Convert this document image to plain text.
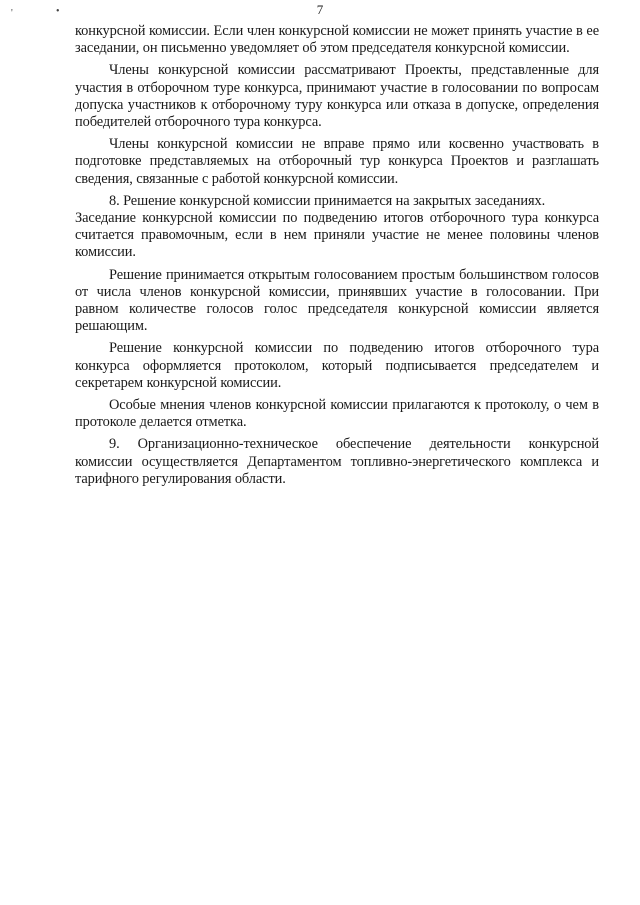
'	•	7

конкурсной комиссии. Если член конкурсной комиссии не может принять участие в ее заседании, он письменно уведомляет об этом председателя конкурсной комиссии.

Члены конкурсной комиссии рассматривают Проекты, представленные для участия в отборочном туре конкурса, принимают участие в голосовании по вопросам допуска участников к отборочному туру конкурса или отказа в допуске, определения победителей отборочного тура конкурса.

Члены конкурсной комиссии не вправе прямо или косвенно участвовать в подготовке представляемых на отборочный тур конкурса Проектов и разглашать сведения, связанные с работой конкурсной комиссии.

8. Решение конкурсной комиссии принимается на закрытых заседаниях.

Заседание конкурсной комиссии по подведению итогов отборочного тура конкурса считается правомочным, если в нем приняли участие не менее половины членов комиссии.

Решение принимается открытым голосованием простым большинством голосов от числа членов конкурсной комиссии, принявших участие в голосовании. При равном количестве голосов голос председателя конкурсной комиссии является решающим.

Решение конкурсной комиссии по подведению итогов отборочного тура конкурса оформляется протоколом, который подписывается председателем и секретарем конкурсной комиссии.

Особые мнения членов конкурсной комиссии прилагаются к протоколу, о чем в протоколе делается отметка.

9. Организационно-техническое обеспечение деятельности конкурсной комиссии осуществляется Департаментом топливно-энергетического комплекса и тарифного регулирования области.
